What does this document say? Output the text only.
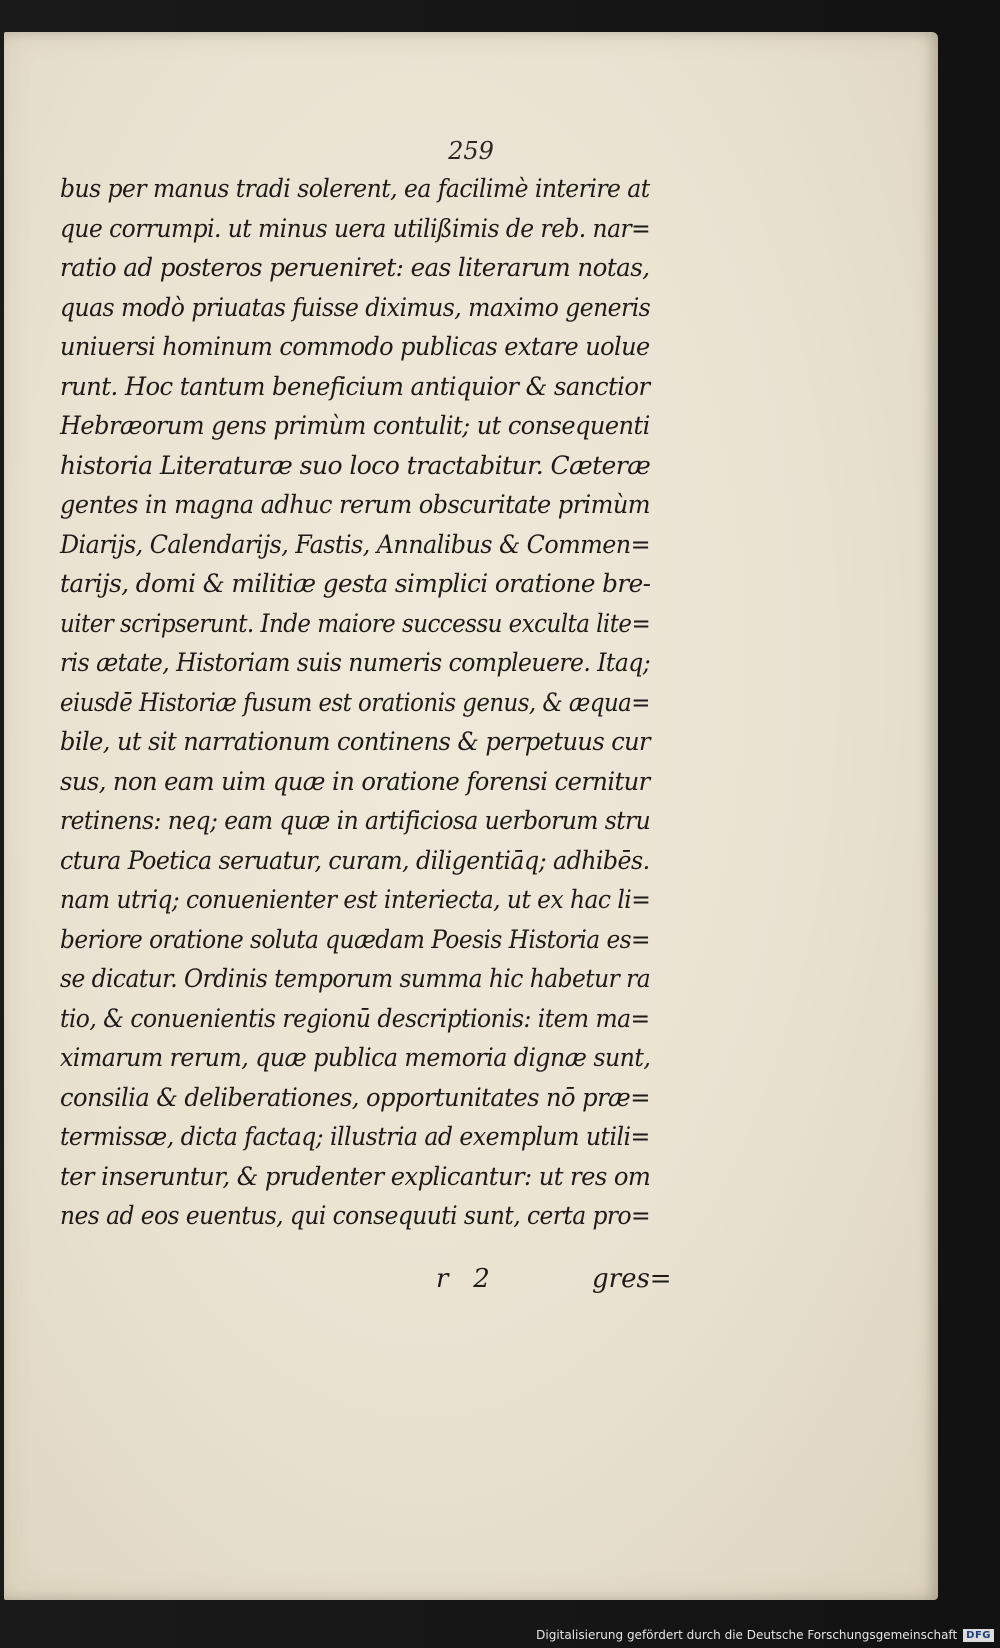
259
bus per manus tradi solerent, ea facilimè interire at
que corrumpi. ut minus uera utilißimis de reb. nar=
ratio ad posteros perueniret: eas literarum notas,
quas modò priuatas fuisse diximus, maximo generis
uniuersi hominum commodo publicas extare uolue
runt. Hoc tantum beneficium antiquior & sanctior
Hebræorum gens primùm contulit; ut consequenti
historia Literaturæ suo loco tractabitur. Cæteræ
gentes in magna adhuc rerum obscuritate primùm
Diarijs, Calendarijs, Fastis, Annalibus & Commen=
tarijs, domi & militiæ gesta simplici oratione bre-
uiter scripserunt. Inde maiore successu exculta lite=
ris ætate, Historiam suis numeris compleuere. Itaq;
eiusdē Historiæ fusum est orationis genus, & æqua=
bile, ut sit narrationum continens & perpetuus cur
sus, non eam uim quæ in oratione forensi cernitur
retinens: neq; eam quæ in artificiosa uerborum stru
ctura Poetica seruatur, curam, diligentiāq; adhibēs.
nam utriq; conuenienter est interiecta, ut ex hac li=
beriore oratione soluta quædam Poesis Historia es=
se dicatur. Ordinis temporum summa hic habetur ra
tio, & conuenientis regionū descriptionis: item ma=
ximarum rerum, quæ publica memoria dignæ sunt,
consilia & deliberationes, opportunitates nō præ=
termissæ, dicta factaq; illustria ad exemplum utili=
ter inseruntur, & prudenter explicantur: ut res om
nes ad eos euentus, qui consequuti sunt, certa pro=
r   2	gres=
Digitalisierung gefördert durch die Deutsche Forschungsgemeinschaft DFG
